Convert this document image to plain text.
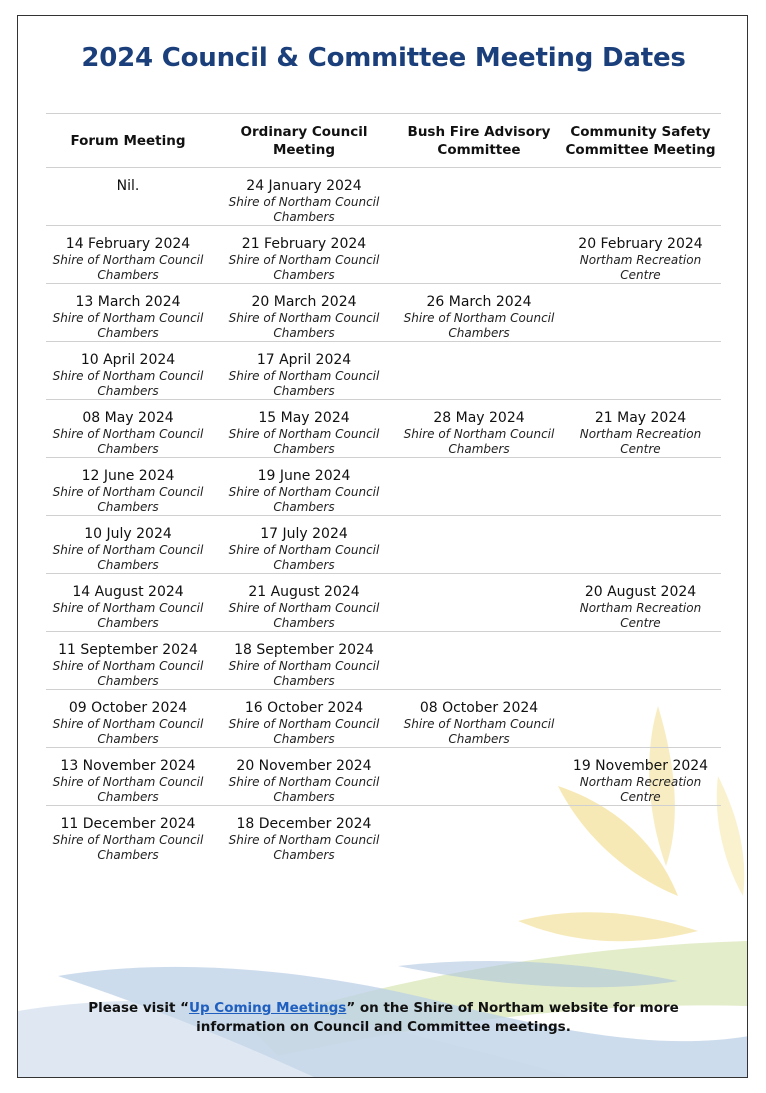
2024 Council & Committee Meeting Dates
Forum Meeting	Ordinary Council Meeting	Bush Fire Advisory Committee	Community Safety Committee Meeting

Nil.	24 January 2024
Shire of Northam Council Chambers		

14 February 2024
Shire of Northam Council Chambers	21 February 2024
Shire of Northam Council Chambers		20 February 2024
Northam Recreation Centre

13 March 2024
Shire of Northam Council Chambers	20 March 2024
Shire of Northam Council Chambers	26 March 2024
Shire of Northam Council Chambers	

10 April 2024
Shire of Northam Council Chambers	17 April 2024
Shire of Northam Council Chambers		

08 May 2024
Shire of Northam Council Chambers	15 May 2024
Shire of Northam Council Chambers	28 May 2024
Shire of Northam Council Chambers	21 May 2024
Northam Recreation Centre

12 June 2024
Shire of Northam Council Chambers	19 June 2024
Shire of Northam Council Chambers		

10 July 2024
Shire of Northam Council Chambers	17 July 2024
Shire of Northam Council Chambers		

14 August 2024
Shire of Northam Council Chambers	21 August 2024
Shire of Northam Council Chambers		20 August 2024
Northam Recreation Centre

11 September 2024
Shire of Northam Council Chambers	18 September 2024
Shire of Northam Council Chambers		

09 October 2024
Shire of Northam Council Chambers	16 October 2024
Shire of Northam Council Chambers	08 October 2024
Shire of Northam Council Chambers	

13 November 2024
Shire of Northam Council Chambers	20 November 2024
Shire of Northam Council Chambers		19 November 2024
Northam Recreation Centre

11 December 2024
Shire of Northam Council Chambers	18 December 2024
Shire of Northam Council Chambers		

Please visit “Up Coming Meetings” on the Shire of Northam website for more
information on Council and Committee meetings.
